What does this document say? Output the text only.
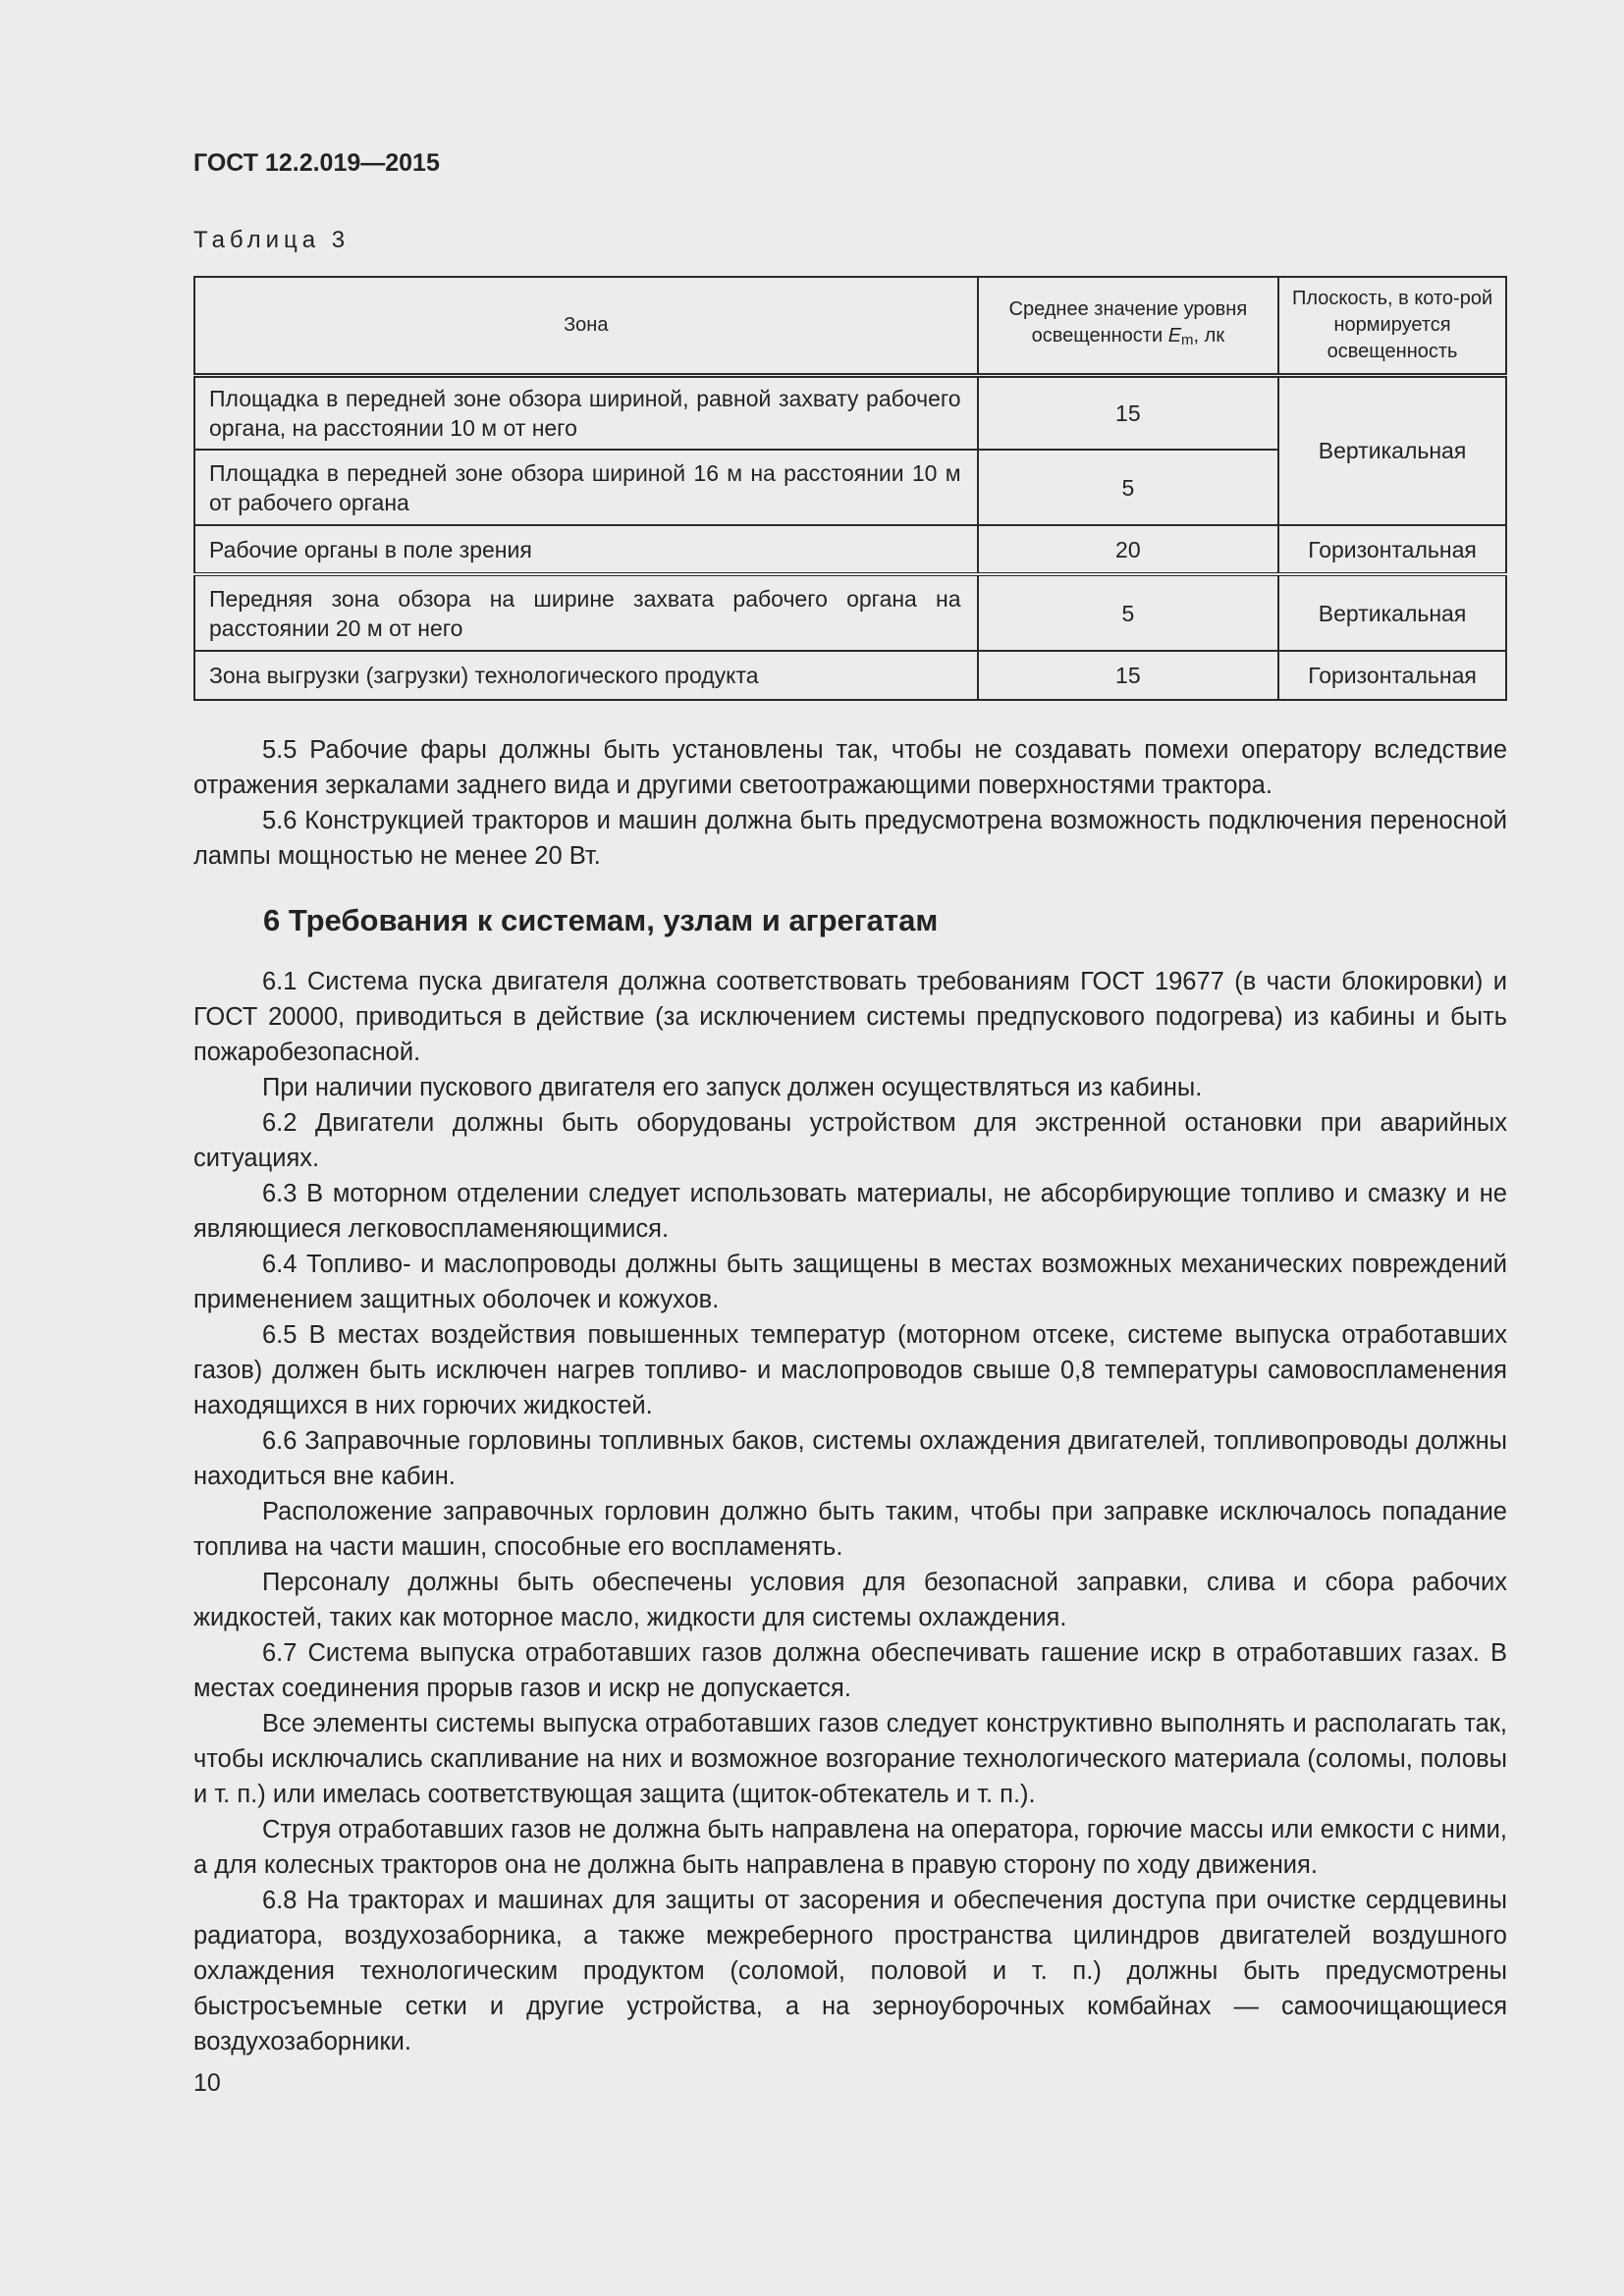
ГОСТ 12.2.019—2015
Таблица 3
Зона	Среднее значение уровня освещенности $E_m$, лк	Плоскость, в кото-рой нормируется освещенность
Площадка в передней зоне обзора шириной, равной захвату рабочего органа, на расстоянии 10 м от него	15	Вертикальная
Площадка в передней зоне обзора шириной 16 м на расстоянии 10 м от рабочего органа	5	
Рабочие органы в поле зрения	20	Горизонтальная
Передняя зона обзора на ширине захвата рабочего органа на расстоянии 20 м от него	5	Вертикальная
Зона выгрузки (загрузки) технологического продукта	15	Горизонтальная

5.5 Рабочие фары должны быть установлены так, чтобы не создавать помехи оператору вследствие отражения зеркалами заднего вида и другими светоотражающими поверхностями трактора.

5.6 Конструкцией тракторов и машин должна быть предусмотрена возможность подключения переносной лампы мощностью не менее 20 Вт.

6 Требования к системам, узлам и агрегатам

6.1 Система пуска двигателя должна соответствовать требованиям ГОСТ 19677 (в части блокировки) и ГОСТ 20000, приводиться в действие (за исключением системы предпускового подогрева) из кабины и быть пожаробезопасной.

При наличии пускового двигателя его запуск должен осуществляться из кабины.

6.2 Двигатели должны быть оборудованы устройством для экстренной остановки при аварийных ситуациях.

6.3 В моторном отделении следует использовать материалы, не абсорбирующие топливо и смазку и не являющиеся легковоспламеняющимися.

6.4 Топливо- и маслопроводы должны быть защищены в местах возможных механических повреждений применением защитных оболочек и кожухов.

6.5 В местах воздействия повышенных температур (моторном отсеке, системе выпуска отработавших газов) должен быть исключен нагрев топливо- и маслопроводов свыше 0,8 температуры самовоспламенения находящихся в них горючих жидкостей.

6.6 Заправочные горловины топливных баков, системы охлаждения двигателей, топливопроводы должны находиться вне кабин.

Расположение заправочных горловин должно быть таким, чтобы при заправке исключалось попадание топлива на части машин, способные его воспламенять.

Персоналу должны быть обеспечены условия для безопасной заправки, слива и сбора рабочих жидкостей, таких как моторное масло, жидкости для системы охлаждения.

6.7 Система выпуска отработавших газов должна обеспечивать гашение искр в отработавших газах. В местах соединения прорыв газов и искр не допускается.

Все элементы системы выпуска отработавших газов следует конструктивно выполнять и располагать так, чтобы исключались скапливание на них и возможное возгорание технологического материала (соломы, половы и т. п.) или имелась соответствующая защита (щиток-обтекатель и т. п.).

Струя отработавших газов не должна быть направлена на оператора, горючие массы или емкости с ними, а для колесных тракторов она не должна быть направлена в правую сторону по ходу движения.

6.8 На тракторах и машинах для защиты от засорения и обеспечения доступа при очистке сердцевины радиатора, воздухозаборника, а также межреберного пространства цилиндров двигателей воздушного охлаждения технологическим продуктом (соломой, половой и т. п.) должны быть предусмотрены быстросъемные сетки и другие устройства, а на зерноуборочных комбайнах — самоочищающиеся воздухозаборники.

10
